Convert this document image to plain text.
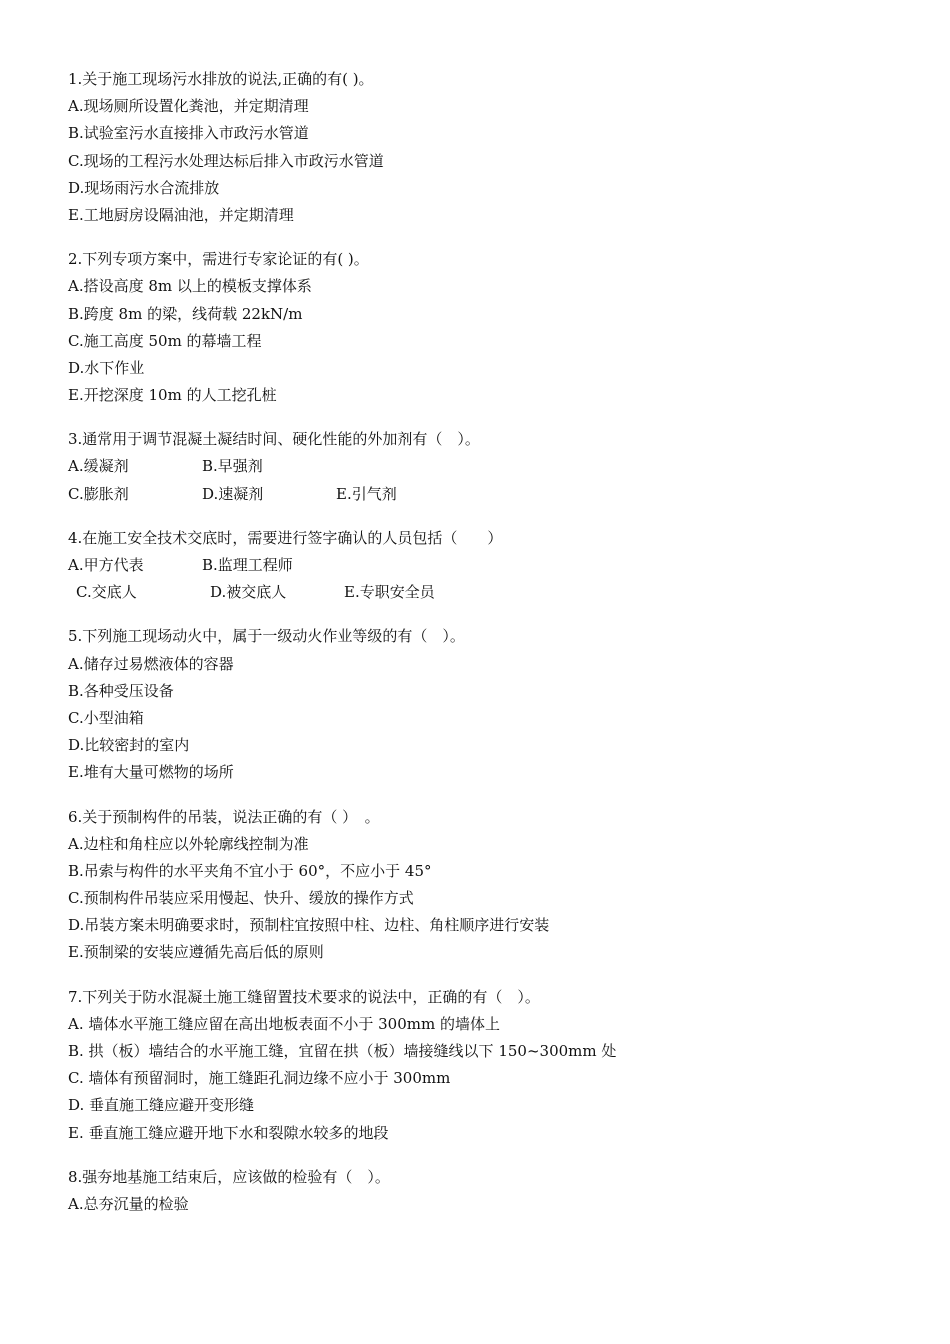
1.关于施工现场污水排放的说法,正确的有( )。
A.现场厕所设置化粪池，并定期清理
B.试验室污水直接排入市政污水管道
C.现场的工程污水处理达标后排入市政污水管道
D.现场雨污水合流排放
E.工地厨房设隔油池，并定期清理
2.下列专项方案中，需进行专家论证的有( )。
A.搭设高度 8m 以上的模板支撑体系
B.跨度 8m 的梁，线荷载 22kN/m
C.施工高度 50m 的幕墙工程
D.水下作业
E.开挖深度 10m 的人工挖孔桩
3.通常用于调节混凝土凝结时间、硬化性能的外加剂有（　）。
A.缓凝剂	B.早强剂
C.膨胀剂	D.速凝剂	E.引气剂
4.在施工安全技术交底时，需要进行签字确认的人员包括（　　）
A.甲方代表	B.监理工程师
C.交底人	D.被交底人	E.专职安全员
5.下列施工现场动火中，属于一级动火作业等级的有（　）。
A.储存过易燃液体的容器
B.各种受压设备
C.小型油箱
D.比较密封的室内
E.堆有大量可燃物的场所
6.关于预制构件的吊装，说法正确的有（ ）　。
A.边柱和角柱应以外轮廓线控制为准
B.吊索与构件的水平夹角不宜小于 60°，不应小于 45°
C.预制构件吊装应采用慢起、快升、缓放的操作方式
D.吊装方案未明确要求时，预制柱宜按照中柱、边柱、角柱顺序进行安装
E.预制梁的安装应遵循先高后低的原则
7.下列关于防水混凝土施工缝留置技术要求的说法中，正确的有（　）。
A. 墙体水平施工缝应留在高出地板表面不小于 300mm 的墙体上
B. 拱（板）墙结合的水平施工缝，宜留在拱（板）墙接缝线以下 150~300mm 处
C. 墙体有预留洞时，施工缝距孔洞边缘不应小于 300mm
D. 垂直施工缝应避开变形缝
E. 垂直施工缝应避开地下水和裂隙水较多的地段
8.强夯地基施工结束后，应该做的检验有（　）。
A.总夯沉量的检验
